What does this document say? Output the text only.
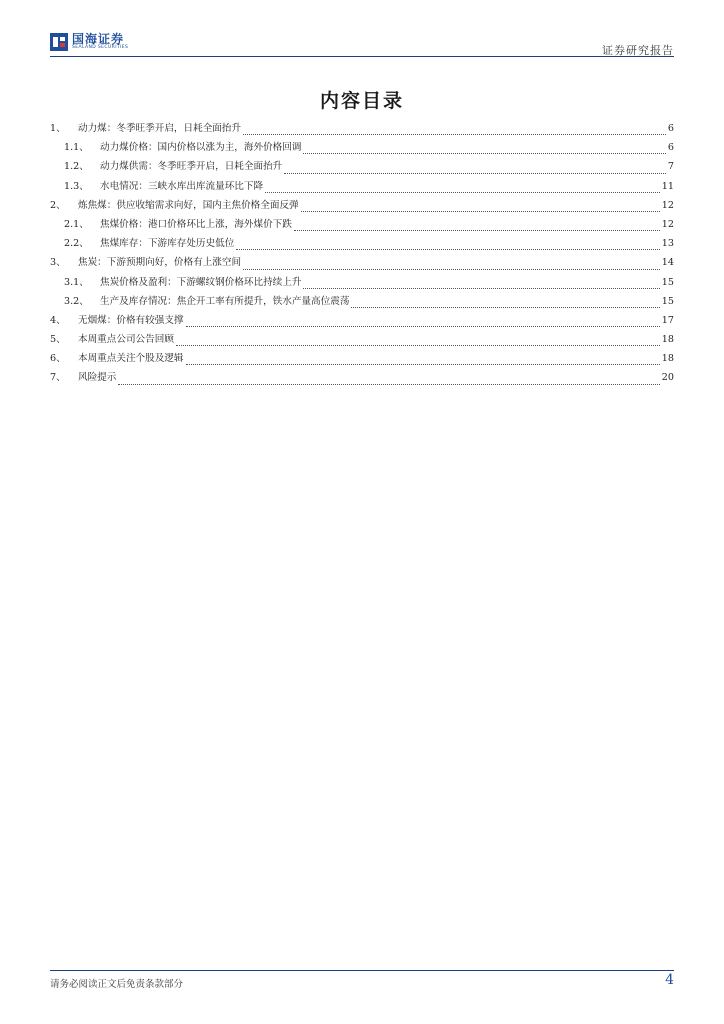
国海证券
SEALAND SECURITIES	证券研究报告
内容目录
1、	动力煤：冬季旺季开启，日耗全面抬升	6
1.1、	动力煤价格：国内价格以涨为主，海外价格回调	6
1.2、	动力煤供需：冬季旺季开启，日耗全面抬升	7
1.3、	水电情况：三峡水库出库流量环比下降	11
2、	炼焦煤：供应收缩需求向好，国内主焦价格全面反弹	12
2.1、	焦煤价格：港口价格环比上涨，海外煤价下跌	12
2.2、	焦煤库存：下游库存处历史低位	13
3、	焦炭：下游预期向好，价格有上涨空间	14
3.1、	焦炭价格及盈利：下游螺纹钢价格环比持续上升	15
3.2、	生产及库存情况：焦企开工率有所提升，铁水产量高位震荡	15
4、	无烟煤：价格有较强支撑	17
5、	本周重点公司公告回顾	18
6、	本周重点关注个股及逻辑	18
7、	风险提示	20
请务必阅读正文后免责条款部分	4
